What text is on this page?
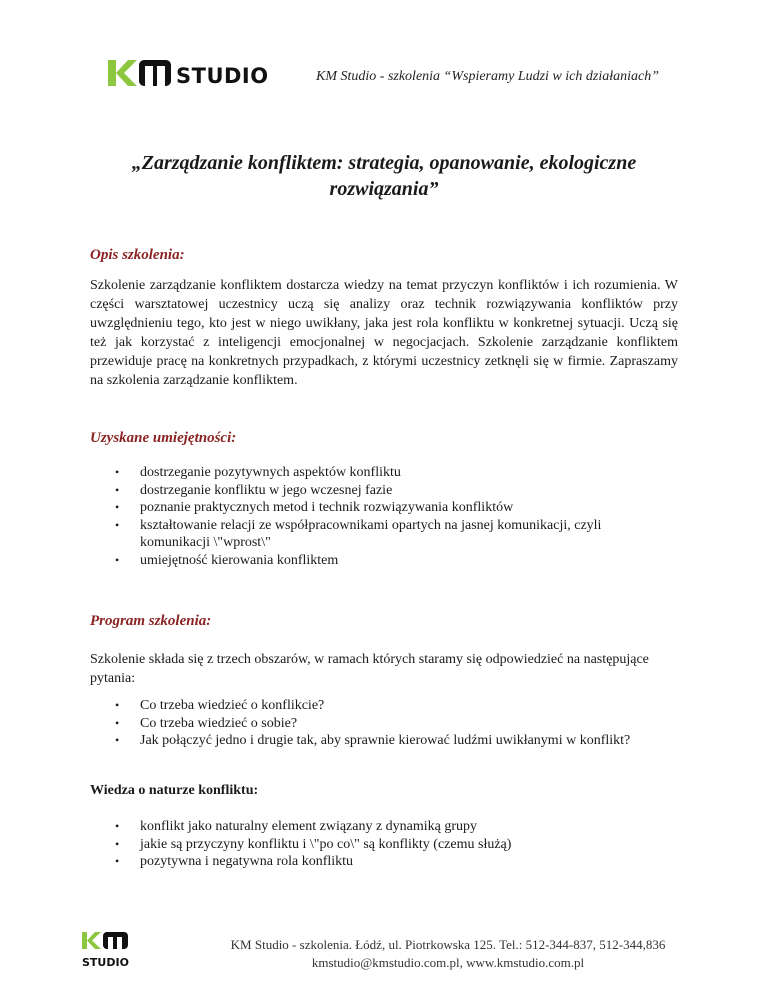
STUDIO	KM Studio - szkolenia “Wspieramy Ludzi w ich działaniach”
„Zarządzanie konfliktem: strategia, opanowanie, ekologiczne
rozwiązania”
Opis szkolenia:

Szkolenie zarządzanie konfliktem dostarcza wiedzy na temat przyczyn konfliktów i ich rozumienia. W części warsztatowej uczestnicy uczą się analizy oraz technik rozwiązywania konfliktów przy uwzględnieniu tego, kto jest w niego uwikłany, jaka jest rola konfliktu w konkretnej sytuacji. Uczą się też jak korzystać z inteligencji emocjonalnej w negocjacjach. Szkolenie zarządzanie konfliktem przewiduje pracę na konkretnych przypadkach, z którymi uczestnicy zetknęli się w firmie. Zapraszamy na szkolenia zarządzanie konfliktem.

Uzyskane umiejętności:
• dostrzeganie pozytywnych aspektów konfliktu
• dostrzeganie konfliktu w jego wczesnej fazie
• poznanie praktycznych metod i technik rozwiązywania konfliktów
• kształtowanie relacji ze współpracownikami opartych na jasnej komunikacji, czyli komunikacji \"wprost\"
• umiejętność kierowania konfliktem
Program szkolenia:

Szkolenie składa się z trzech obszarów, w ramach których staramy się odpowiedzieć na następujące pytania:

• Co trzeba wiedzieć o konflikcie?
• Co trzeba wiedzieć o sobie?
• Jak połączyć jedno i drugie tak, aby sprawnie kierować ludźmi uwikłanymi w konflikt?
Wiedza o naturze konfliktu:
• konflikt jako naturalny element związany z dynamiką grupy
• jakie są przyczyny konfliktu i \"po co\" są konflikty (czemu służą)
• pozytywna i negatywna rola konfliktu
STUDIO
KM Studio - szkolenia. Łódź, ul. Piotrkowska 125. Tel.: 512-344-837, 512-344,836
kmstudio@kmstudio.com.pl, www.kmstudio.com.pl
